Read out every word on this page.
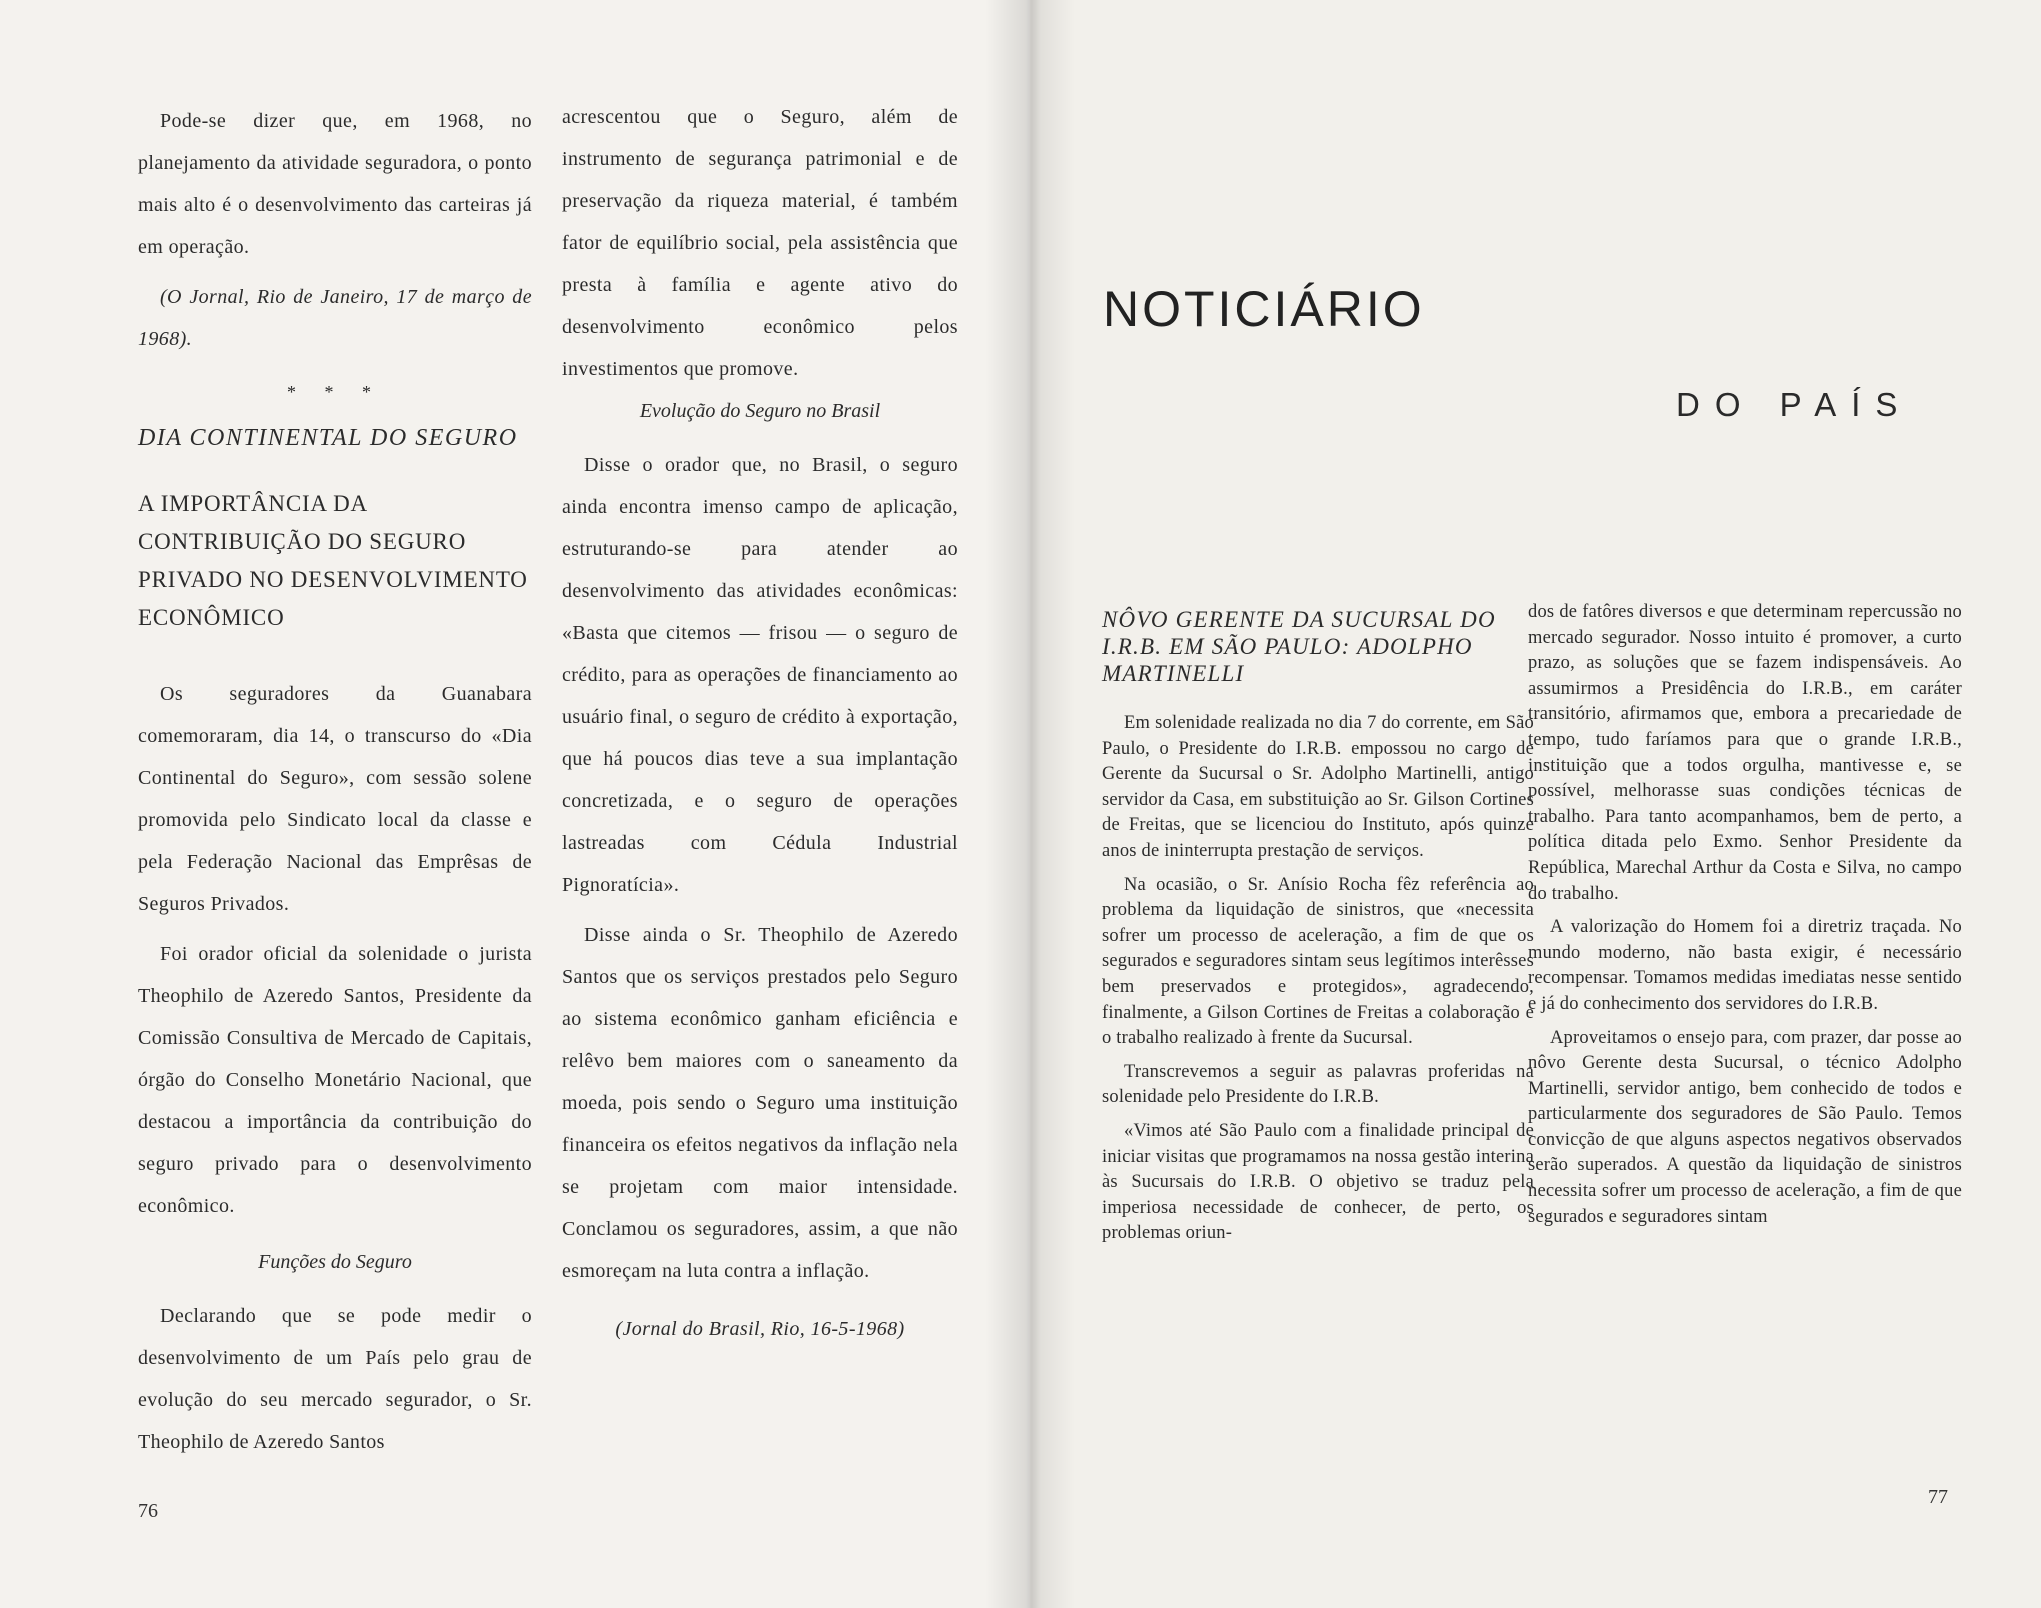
Pode-se dizer que, em 1968, no planejamento da atividade seguradora, o ponto mais alto é o desenvolvimento das carteiras já em operação.

(O Jornal, Rio de Janeiro, 17 de março de 1968).

* * *
DIA CONTINENTAL DO SEGURO
A IMPORTÂNCIA DA CONTRIBUIÇÃO DO SEGURO PRIVADO NO DESENVOLVIMENTO ECONÔMICO

Os seguradores da Guanabara comemoraram, dia 14, o transcurso do «Dia Continental do Seguro», com sessão solene promovida pelo Sindicato local da classe e pela Federação Nacional das Emprêsas de Seguros Privados.

Foi orador oficial da solenidade o jurista Theophilo de Azeredo Santos, Presidente da Comissão Consultiva de Mercado de Capitais, órgão do Conselho Monetário Nacional, que destacou a importância da contribuição do seguro privado para o desenvolvimento econômico.

Funções do Seguro

Declarando que se pode medir o desenvolvimento de um País pelo grau de evolução do seu mercado segurador, o Sr. Theophilo de Azeredo Santos

acrescentou que o Seguro, além de instrumento de segurança patrimonial e de preservação da riqueza material, é também fator de equilíbrio social, pela assistência que presta à família e agente ativo do desenvolvimento econômico pelos investimentos que promove.

Evolução do Seguro no Brasil

Disse o orador que, no Brasil, o seguro ainda encontra imenso campo de aplicação, estruturando-se para atender ao desenvolvimento das atividades econômicas: «Basta que citemos — frisou — o seguro de crédito, para as operações de financiamento ao usuário final, o seguro de crédito à exportação, que há poucos dias teve a sua implantação concretizada, e o seguro de operações lastreadas com Cédula Industrial Pignoratícia».

Disse ainda o Sr. Theophilo de Azeredo Santos que os serviços prestados pelo Seguro ao sistema econômico ganham eficiência e relêvo bem maiores com o saneamento da moeda, pois sendo o Seguro uma instituição financeira os efeitos negativos da inflação nela se projetam com maior intensidade. Conclamou os seguradores, assim, a que não esmoreçam na luta contra a inflação.

(Jornal do Brasil, Rio, 16-5-1968)

76
NÔVO GERENTE DA SUCURSAL DO I.R.B. EM SÃO PAULO: ADOLPHO MARTINELLI

Em solenidade realizada no dia 7 do corrente, em São Paulo, o Presidente do I.R.B. empossou no cargo de Gerente da Sucursal o Sr. Adolpho Martinelli, antigo servidor da Casa, em substituição ao Sr. Gilson Cortines de Freitas, que se licenciou do Instituto, após quinze anos de ininterrupta prestação de serviços.

Na ocasião, o Sr. Anísio Rocha fêz referência ao problema da liquidação de sinistros, que «necessita sofrer um processo de aceleração, a fim de que os segurados e seguradores sintam seus legítimos interêsses bem preservados e protegidos», agradecendo, finalmente, a Gilson Cortines de Freitas a colaboração e o trabalho realizado à frente da Sucursal.

Transcrevemos a seguir as palavras proferidas na solenidade pelo Presidente do I.R.B.

«Vimos até São Paulo com a finalidade principal de iniciar visitas que programamos na nossa gestão interina às Sucursais do I.R.B. O objetivo se traduz pela imperiosa necessidade de conhecer, de perto, os problemas oriun-

dos de fatôres diversos e que determinam repercussão no mercado segurador. Nosso intuito é promover, a curto prazo, as soluções que se fazem indispensáveis. Ao assumirmos a Presidência do I.R.B., em caráter transitório, afirmamos que, embora a precariedade de tempo, tudo faríamos para que o grande I.R.B., instituição que a todos orgulha, mantivesse e, se possível, melhorasse suas condições técnicas de trabalho. Para tanto acompanhamos, bem de perto, a política ditada pelo Exmo. Senhor Presidente da República, Marechal Arthur da Costa e Silva, no campo do trabalho.

A valorização do Homem foi a diretriz traçada. No mundo moderno, não basta exigir, é necessário recompensar. Tomamos medidas imediatas nesse sentido e já do conhecimento dos servidores do I.R.B.

Aproveitamos o ensejo para, com prazer, dar posse ao nôvo Gerente desta Sucursal, o técnico Adolpho Martinelli, servidor antigo, bem conhecido de todos e particularmente dos seguradores de São Paulo. Temos convicção de que alguns aspectos negativos observados serão superados. A questão da liquidação de sinistros necessita sofrer um processo de aceleração, a fim de que segurados e seguradores sintam

77
NOTICIÁRIO
DO PAÍS
